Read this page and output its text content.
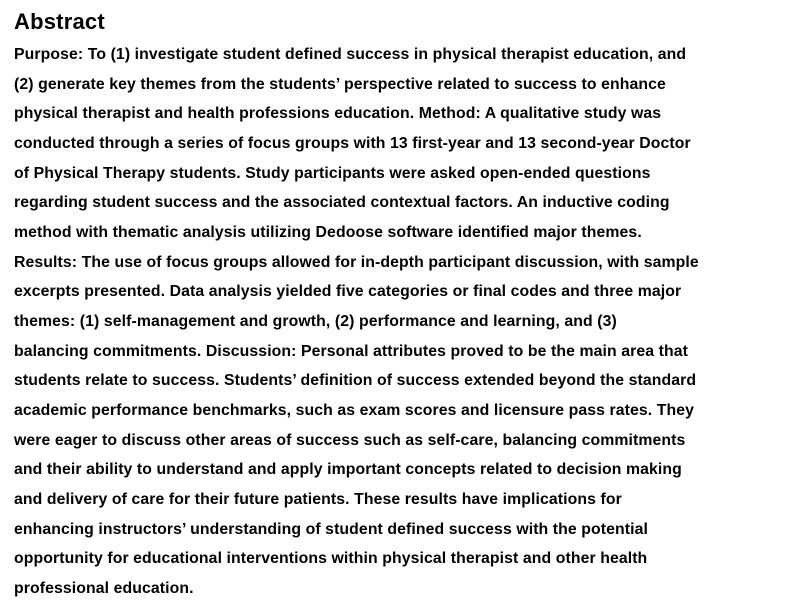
Abstract

Purpose: To (1) investigate student defined success in physical therapist education, and
(2) generate key themes from the students’ perspective related to success to enhance
physical therapist and health professions education. Method: A qualitative study was
conducted through a series of focus groups with 13 first-year and 13 second-year Doctor
of Physical Therapy students. Study participants were asked open-ended questions
regarding student success and the associated contextual factors. An inductive coding
method with thematic analysis utilizing Dedoose software identified major themes.
Results: The use of focus groups allowed for in-depth participant discussion, with sample
excerpts presented. Data analysis yielded five categories or final codes and three major
themes: (1) self-management and growth, (2) performance and learning, and (3)
balancing commitments. Discussion: Personal attributes proved to be the main area that
students relate to success. Students’ definition of success extended beyond the standard
academic performance benchmarks, such as exam scores and licensure pass rates. They
were eager to discuss other areas of success such as self-care, balancing commitments
and their ability to understand and apply important concepts related to decision making
and delivery of care for their future patients. These results have implications for
enhancing instructors’ understanding of student defined success with the potential
opportunity for educational interventions within physical therapist and other health
professional education.
